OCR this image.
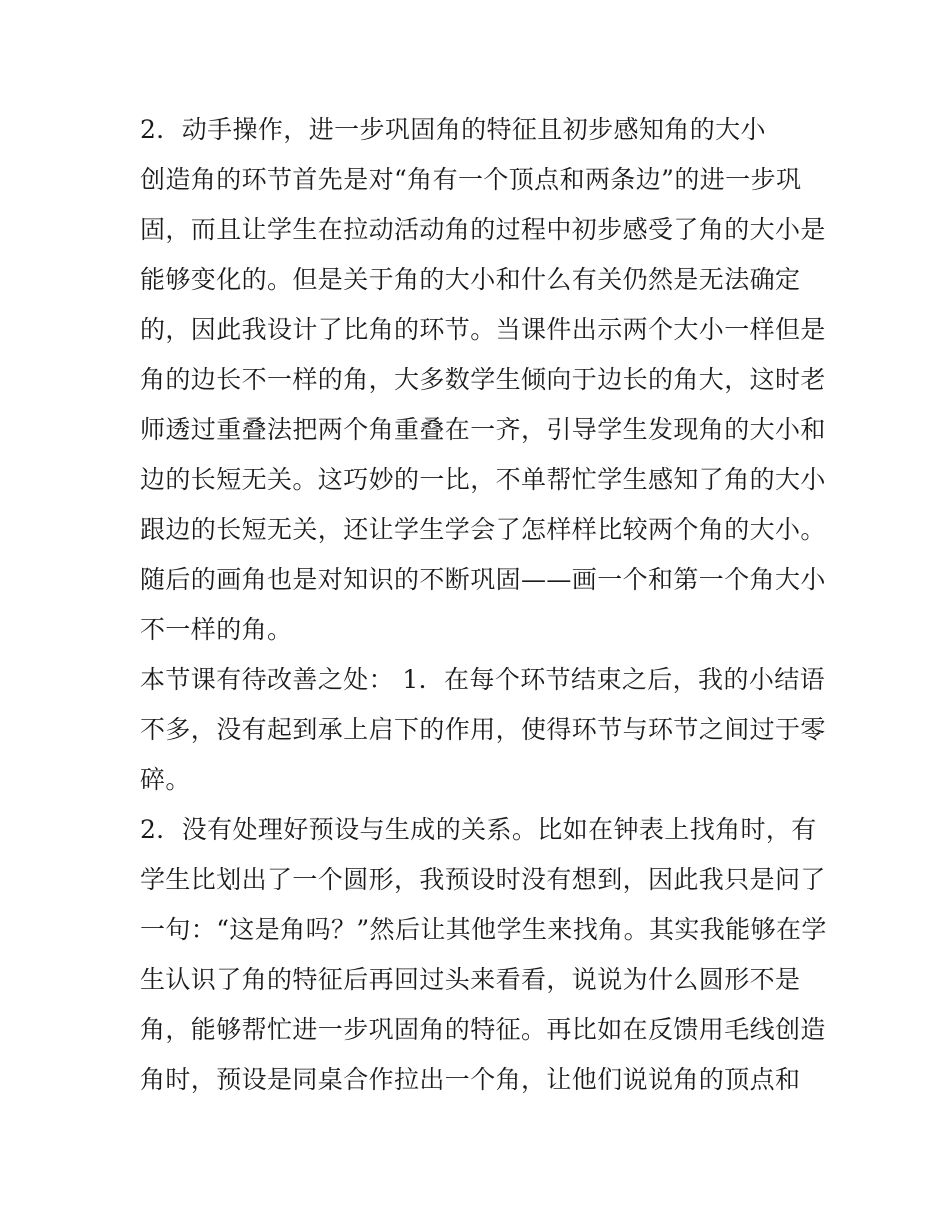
2．动手操作，进一步巩固角的特征且初步感知角的大小
创造角的环节首先是对“角有一个顶点和两条边”的进一步巩
固，而且让学生在拉动活动角的过程中初步感受了角的大小是
能够变化的。但是关于角的大小和什么有关仍然是无法确定
的，因此我设计了比角的环节。当课件出示两个大小一样但是
角的边长不一样的角，大多数学生倾向于边长的角大，这时老
师透过重叠法把两个角重叠在一齐，引导学生发现角的大小和
边的长短无关。这巧妙的一比，不单帮忙学生感知了角的大小
跟边的长短无关，还让学生学会了怎样样比较两个角的大小。
随后的画角也是对知识的不断巩固——画一个和第一个角大小
不一样的角。
本节课有待改善之处： 1．在每个环节结束之后，我的小结语
不多，没有起到承上启下的作用，使得环节与环节之间过于零
碎。
2．没有处理好预设与生成的关系。比如在钟表上找角时，有
学生比划出了一个圆形，我预设时没有想到，因此我只是问了
一句：“这是角吗？”然后让其他学生来找角。其实我能够在学
生认识了角的特征后再回过头来看看，说说为什么圆形不是
角，能够帮忙进一步巩固角的特征。再比如在反馈用毛线创造
角时，预设是同桌合作拉出一个角，让他们说说角的顶点和
